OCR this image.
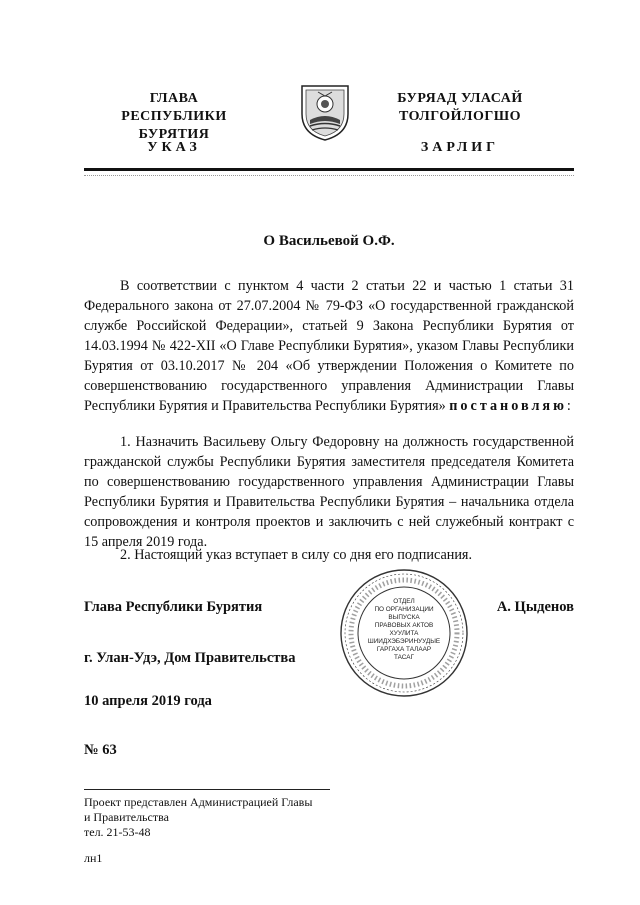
ГЛАВА
РЕСПУБЛИКИ БУРЯТИЯ
УКАЗ
БУРЯАД УЛАСАЙ
ТОЛГОЙЛОГШО
ЗАРЛИГ
О Васильевой О.Ф.

В соответствии с пунктом 4 части 2 статьи 22 и частью 1 статьи 31 Федерального закона от 27.07.2004 № 79-ФЗ «О государственной гражданской службе Российской Федерации», статьей 9 Закона Республики Бурятия от 14.03.1994 № 422-XII «О Главе Республики Бурятия», указом Главы Республики Бурятия от 03.10.2017 № 204 «Об утверждении Положения о Комитете по совершенствованию государственного управления Администрации Главы Республики Бурятия и Правительства Республики Бурятия» постановляю:

1. Назначить Васильеву Ольгу Федоровну на должность государственной гражданской службы Республики Бурятия заместителя председателя Комитета по совершенствованию государственного управления Администрации Главы Республики Бурятия и Правительства Республики Бурятия – начальника отдела сопровождения и контроля проектов и заключить с ней служебный контракт с 15 апреля 2019 года.

2. Настоящий указ вступает в силу со дня его подписания.

Глава Республики Бурятия	А. Цыденов
ОТДЕЛ
ПО ОРГАНИЗАЦИИ
ВЫПУСКА
ПРАВОВЫХ АКТОВ
ХУУЛИТА
ШИИДХЭБЭРИНУУДЫЕ
ГАРГАХА ТАЛААР
ТАСАГ
г. Улан-Удэ, Дом Правительства
10 апреля 2019 года
№ 63
Проект представлен Администрацией Главы
и Правительства
тел. 21-53-48
лн1
